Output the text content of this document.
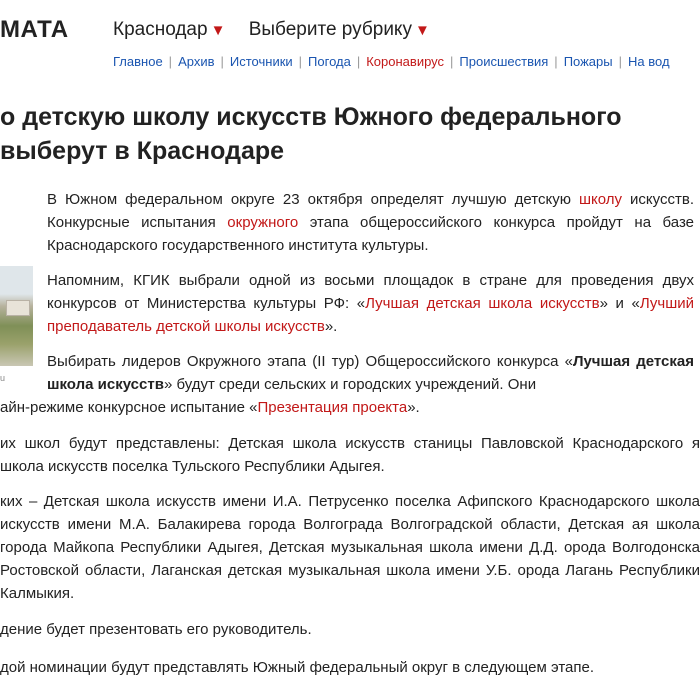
МАТА Краснодар ▼ Выберите рубрику ▼
Главное | Архив | Источники | Погода | Коронавирус | Происшествия | Пожары | На вод
о детскую школу искусств Южного федерального
выберут в Краснодаре
u

В Южном федеральном округе 23 октября определят лучшую детскую школу искусств. Конкурсные испытания окружного этапа общероссийского конкурса пройдут на базе Краснодарского государственного института культуры.

Напомним, КГИК выбрали одной из восьми площадок в стране для проведения двух конкурсов от Министерства культуры РФ: «Лучшая детская школа искусств» и «Лучший преподаватель детской школы искусств».

Выбирать лидеров Окружного этапа (II тур) Общероссийского конкурса «Лучшая детская школа искусств» будут среди сельских и городских учреждений. Они

айн-режиме конкурсное испытание «Презентация проекта».

их школ будут представлены: Детская школа искусств станицы Павловской Краснодарского я школа искусств поселка Тульского Республики Адыгея.

ких – Детская школа искусств имени И.А. Петрусенко поселка Афипского Краснодарского школа искусств имени М.А. Балакирева города Волгограда Волгоградской области, Детская ая школа города Майкопа Республики Адыгея, Детская музыкальная школа имени Д.Д. орода Волгодонска Ростовской области, Лаганская детская музыкальная школа имени У.Б. орода Лагань Республики Калмыкия.

дение будет презентовать его руководитель.

дой номинации будут представлять Южный федеральный округ в следующем этапе.
